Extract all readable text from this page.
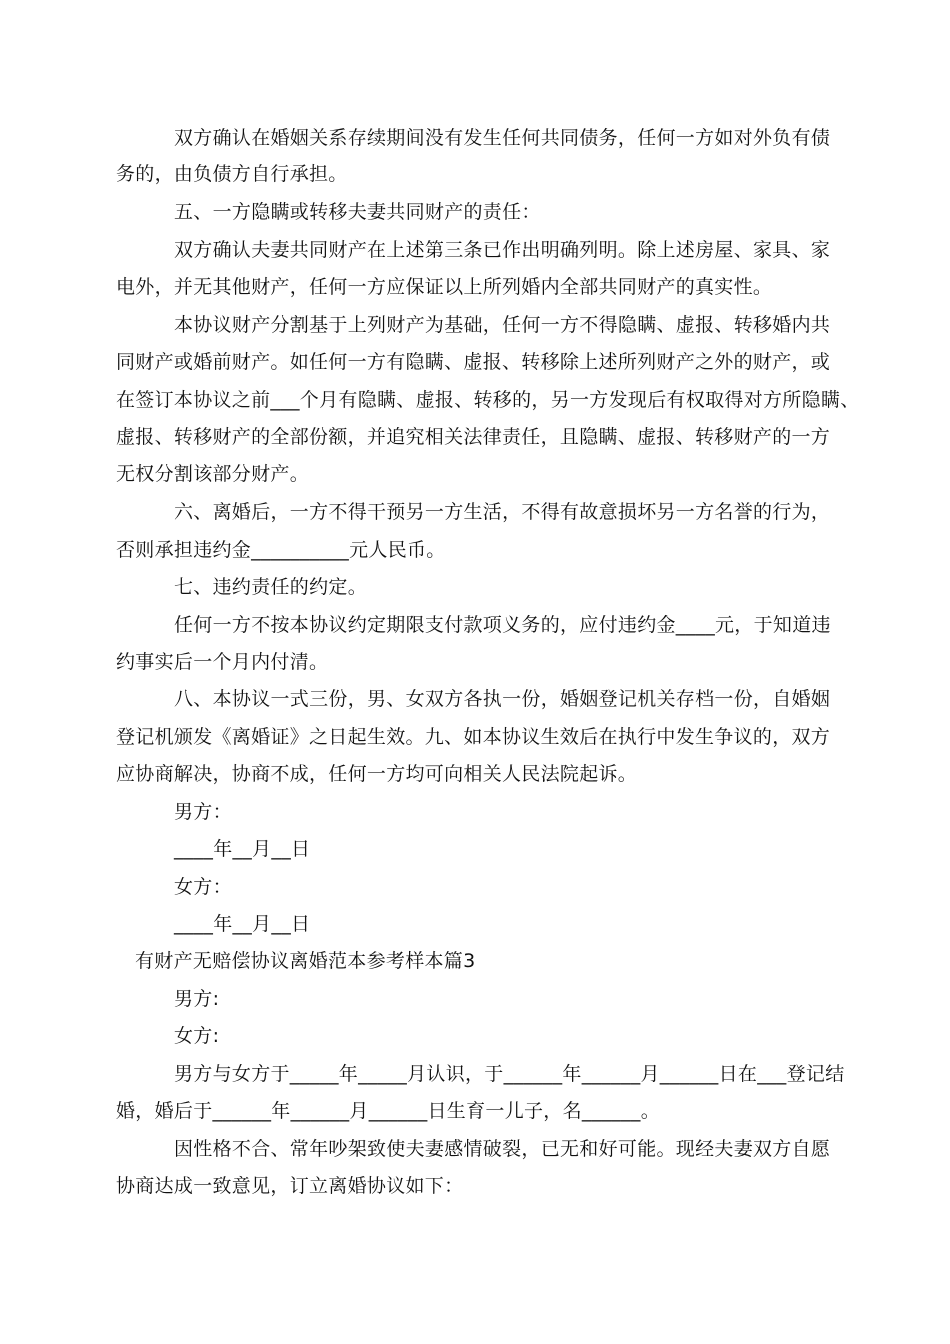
双方确认在婚姻关系存续期间没有发生任何共同债务，任何一方如对外负有债
务的，由负债方自行承担。
五、一方隐瞒或转移夫妻共同财产的责任：
双方确认夫妻共同财产在上述第三条已作出明确列明。除上述房屋、家具、家
电外，并无其他财产，任何一方应保证以上所列婚内全部共同财产的真实性。
本协议财产分割基于上列财产为基础，任何一方不得隐瞒、虚报、转移婚内共
同财产或婚前财产。如任何一方有隐瞒、虚报、转移除上述所列财产之外的财产，或
在签订本协议之前___个月有隐瞒、虚报、转移的，另一方发现后有权取得对方所隐瞒、
虚报、转移财产的全部份额，并追究相关法律责任，且隐瞒、虚报、转移财产的一方
无权分割该部分财产。
六、离婚后，一方不得干预另一方生活，不得有故意损坏另一方名誉的行为，
否则承担违约金__________元人民币。
七、违约责任的约定。
任何一方不按本协议约定期限支付款项义务的，应付违约金____元，于知道违
约事实后一个月内付清。
八、本协议一式三份，男、女双方各执一份，婚姻登记机关存档一份，自婚姻
登记机颁发《离婚证》之日起生效。九、如本协议生效后在执行中发生争议的，双方
应协商解决，协商不成，任何一方均可向相关人民法院起诉。
男方：
____年__月__日
女方：
____年__月__日
有财产无赔偿协议离婚范本参考样本篇3
男方:
女方:
男方与女方于_____年_____月认识，于______年______月______日在___登记结
婚，婚后于______年______月______日生育一儿子，名______。
因性格不合、常年吵架致使夫妻感情破裂，已无和好可能。现经夫妻双方自愿
协商达成一致意见，订立离婚协议如下：
